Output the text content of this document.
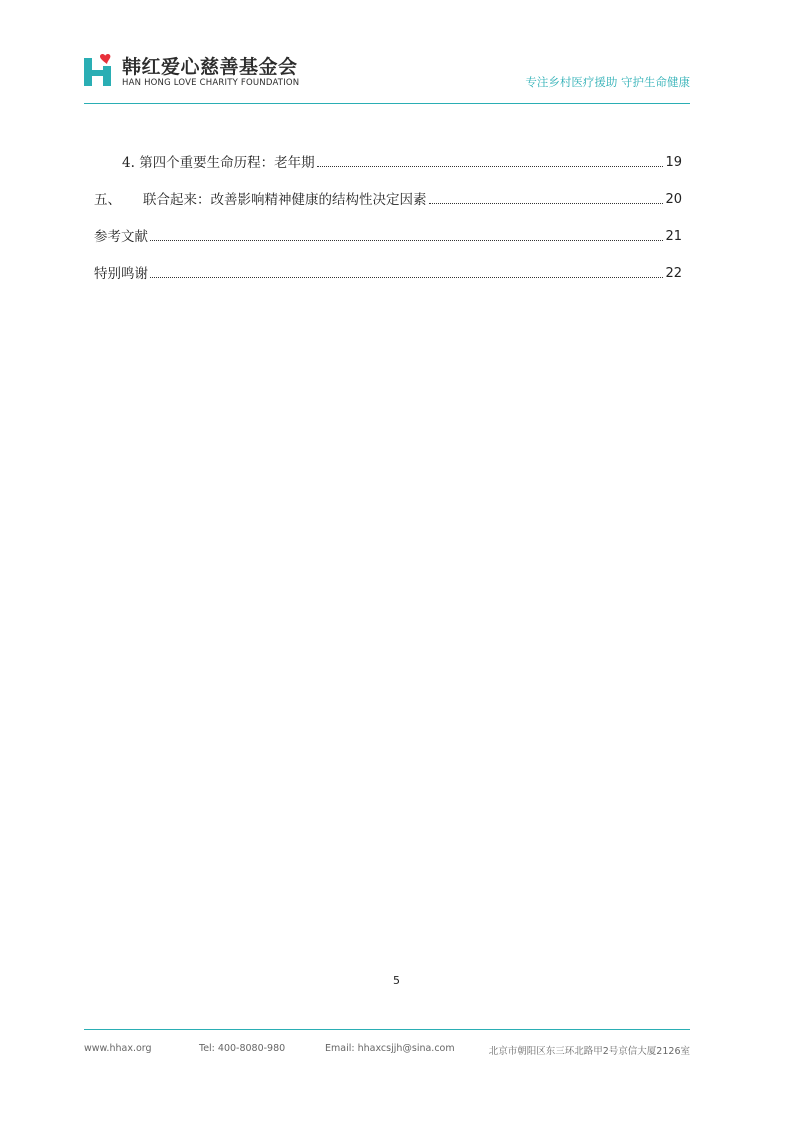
韩红爱心慈善基金会
HAN HONG LOVE CHARITY FOUNDATION	专注乡村医疗援助 守护生命健康
4.
第四个重要生命历程：老年期	19
五、 联合起来：改善影响精神健康的结构性决定因素	20
参考文献	21
特别鸣谢	22
5
www.hhax.org	Tel: 400-8080-980	Email: hhaxcsjjh@sina.com	北京市朝阳区东三环北路甲2号京信大厦2126室
